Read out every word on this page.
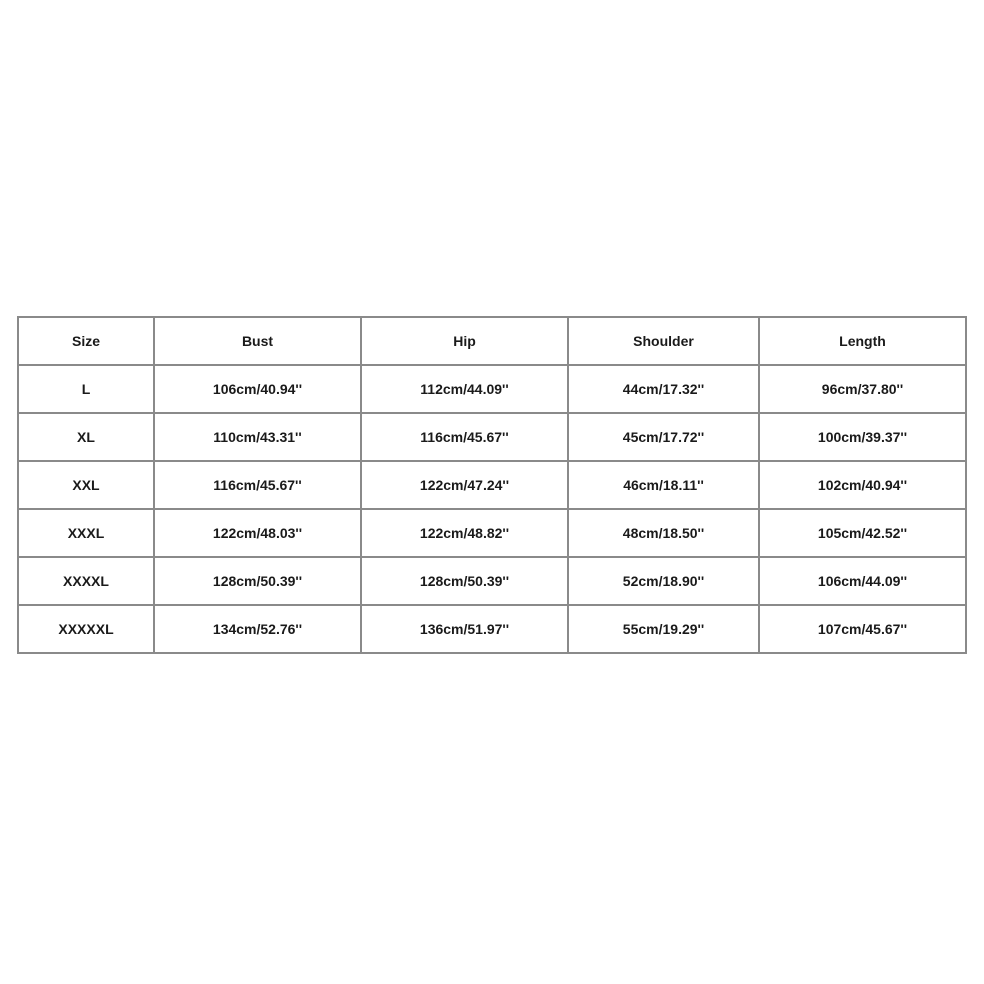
Size	Bust	Hip	Shoulder	Length
L	106cm/40.94''	112cm/44.09''	44cm/17.32''	96cm/37.80''
XL	110cm/43.31''	116cm/45.67''	45cm/17.72''	100cm/39.37''
XXL	116cm/45.67''	122cm/47.24''	46cm/18.11''	102cm/40.94''
XXXL	122cm/48.03''	122cm/48.82''	48cm/18.50''	105cm/42.52''
XXXXL	128cm/50.39''	128cm/50.39''	52cm/18.90''	106cm/44.09''
XXXXXL	134cm/52.76''	136cm/51.97''	55cm/19.29''	107cm/45.67''
